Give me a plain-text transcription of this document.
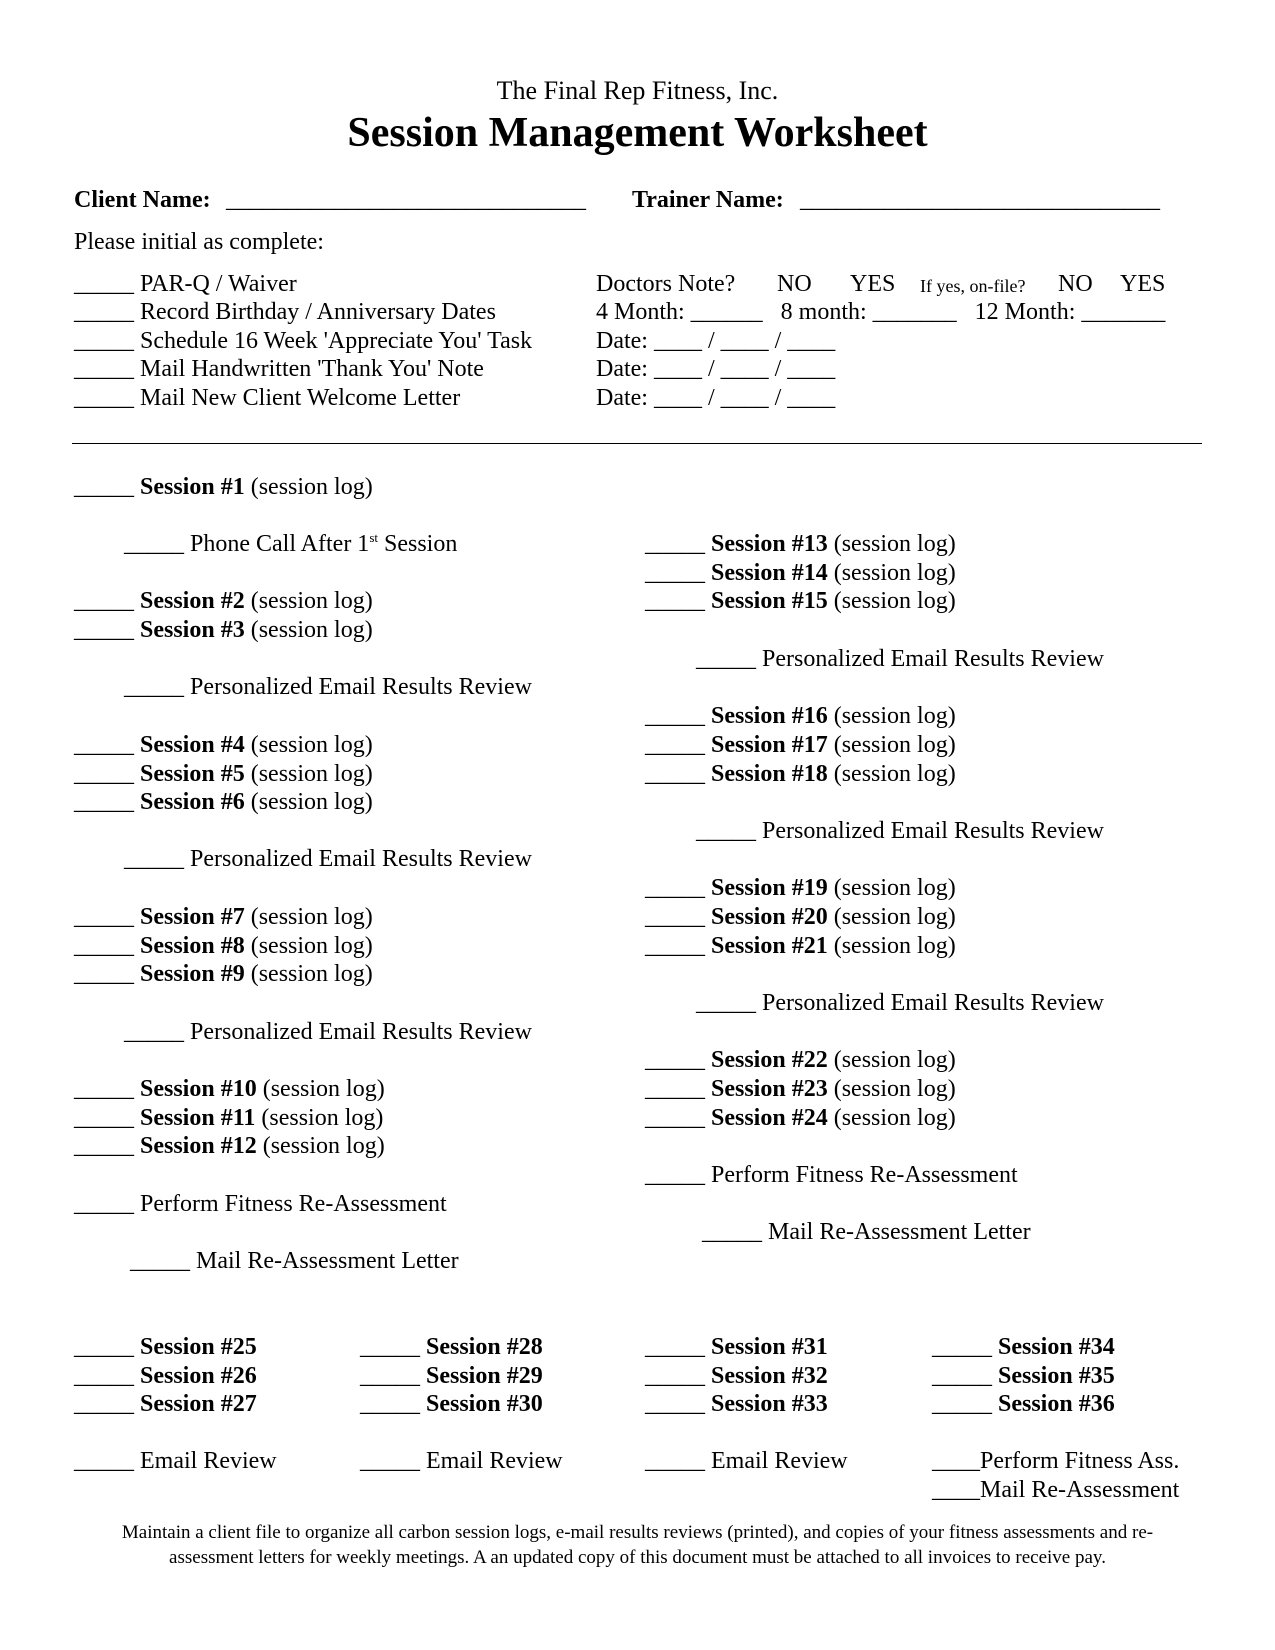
The Final Rep Fitness, Inc.
Session Management Worksheet
Client Name: ______________________________ Trainer Name: ______________________________
Please initial as complete:
_____ PAR-Q / Waiver
_____ Record Birthday / Anniversary Dates
_____ Schedule 16 Week 'Appreciate You' Task
_____ Mail Handwritten 'Thank You' Note
_____ Mail New Client Welcome Letter
Doctors Note? NO YES If yes, on-file? NO YES
4 Month: ______   8 month: _______   12 Month: _______
Date: ____ / ____ / ____
Date: ____ / ____ / ____
Date: ____ / ____ / ____
_____ Session #1 (session log)
_____ Phone Call After 1st Session
_____ Session #2 (session log)
_____ Session #3 (session log)
_____ Personalized Email Results Review
_____ Session #4 (session log)
_____ Session #5 (session log)
_____ Session #6 (session log)
_____ Personalized Email Results Review
_____ Session #7 (session log)
_____ Session #8 (session log)
_____ Session #9 (session log)
_____ Personalized Email Results Review
_____ Session #10 (session log)
_____ Session #11 (session log)
_____ Session #12 (session log)
_____ Perform Fitness Re-Assessment
_____ Mail Re-Assessment Letter
_____ Session #13 (session log)
_____ Session #14 (session log)
_____ Session #15 (session log)
_____ Personalized Email Results Review
_____ Session #16 (session log)
_____ Session #17 (session log)
_____ Session #18 (session log)
_____ Personalized Email Results Review
_____ Session #19 (session log)
_____ Session #20 (session log)
_____ Session #21 (session log)
_____ Personalized Email Results Review
_____ Session #22 (session log)
_____ Session #23 (session log)
_____ Session #24 (session log)
_____ Perform Fitness Re-Assessment
_____ Mail Re-Assessment Letter
_____ Session #25
_____ Session #26
_____ Session #27
_____ Email Review
_____ Session #28
_____ Session #29
_____ Session #30
_____ Email Review
_____ Session #31
_____ Session #32
_____ Session #33
_____ Email Review
_____ Session #34
_____ Session #35
_____ Session #36
____Perform Fitness Ass.
____Mail Re-Assessment
Maintain a client file to organize all carbon session logs, e-mail results reviews (printed), and copies of your fitness assessments and re-assessment letters for weekly meetings. A an updated copy of this document must be attached to all invoices to receive pay.
